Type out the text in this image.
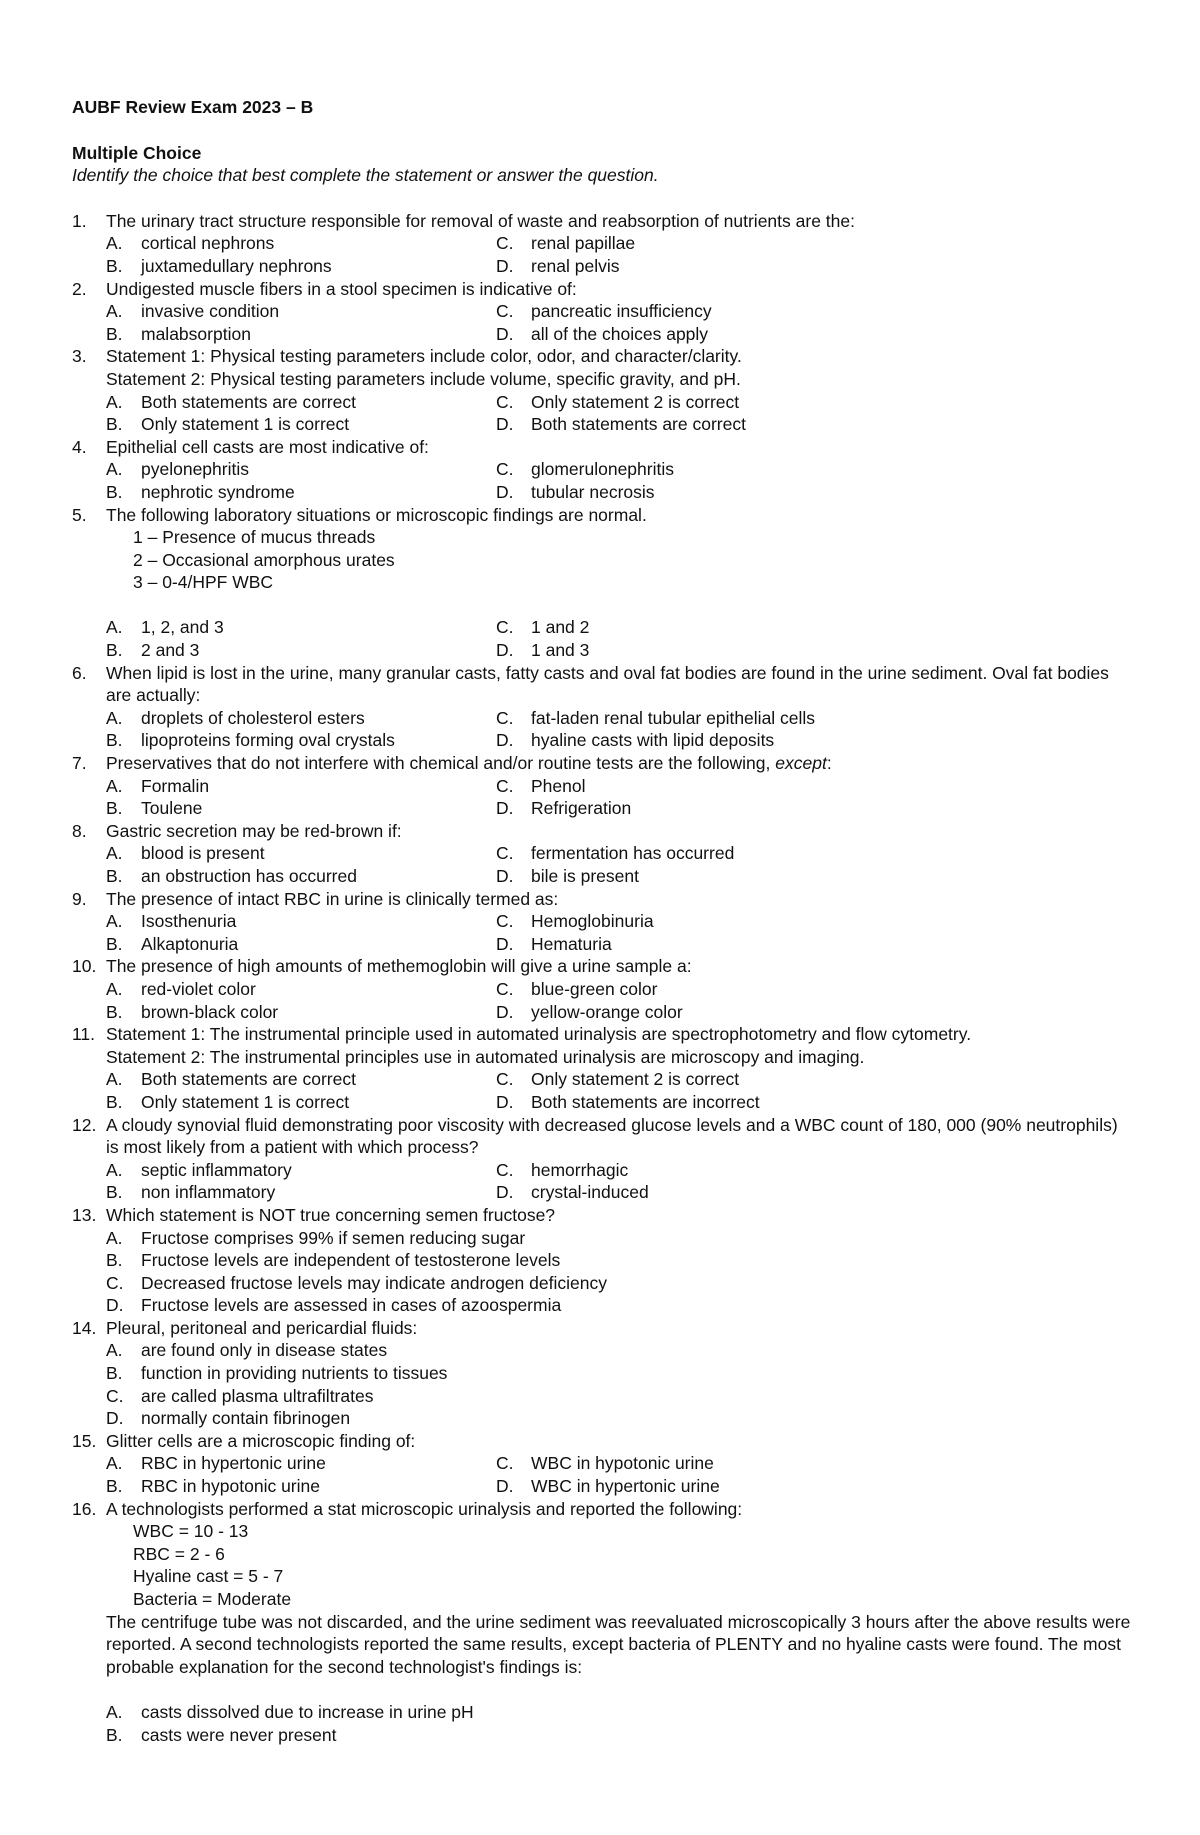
AUBF Review Exam 2023 – B
Multiple Choice
Identify the choice that best complete the statement or answer the question.
1. The urinary tract structure responsible for removal of waste and reabsorption of nutrients are the:
A.	cortical nephrons	C.	renal papillae
B.	juxtamedullary nephrons	D.	renal pelvis
2. Undigested muscle fibers in a stool specimen is indicative of:
A.	invasive condition	C.	pancreatic insufficiency
B.	malabsorption	D.	all of the choices apply
3. Statement 1: Physical testing parameters include color, odor, and character/clarity.
Statement 2: Physical testing parameters include volume, specific gravity, and pH.
A.	Both statements are correct	C.	Only statement 2 is correct
B.	Only statement 1 is correct	D.	Both statements are correct
4. Epithelial cell casts are most indicative of:
A.	pyelonephritis	C.	glomerulonephritis
B.	nephrotic syndrome	D.	tubular necrosis
5. The following laboratory situations or microscopic findings are normal.
1 – Presence of mucus threads
2 – Occasional amorphous urates
3 – 0-4/HPF WBC
A.	1, 2, and 3	C.	1 and 2
B.	2 and 3	D.	1 and 3
6. When lipid is lost in the urine, many granular casts, fatty casts and oval fat bodies are found in the urine sediment. Oval fat bodies are actually:
A.	droplets of cholesterol esters	C.	fat-laden renal tubular epithelial cells
B.	lipoproteins forming oval crystals	D.	hyaline casts with lipid deposits
7. Preservatives that do not interfere with chemical and/or routine tests are the following, except:
A.	Formalin	C.	Phenol
B.	Toulene	D.	Refrigeration
8. Gastric secretion may be red-brown if:
A.	blood is present	C.	fermentation has occurred
B.	an obstruction has occurred	D.	bile is present
9. The presence of intact RBC in urine is clinically termed as:
A.	Isosthenuria	C.	Hemoglobinuria
B.	Alkaptonuria	D.	Hematuria
10. The presence of high amounts of methemoglobin will give a urine sample a:
A.	red-violet color	C.	blue-green color
B.	brown-black color	D.	yellow-orange color
11. Statement 1: The instrumental principle used in automated urinalysis are spectrophotometry and flow cytometry.
Statement 2: The instrumental principles use in automated urinalysis are microscopy and imaging.
A.	Both statements are correct	C.	Only statement 2 is correct
B.	Only statement 1 is correct	D.	Both statements are incorrect
12. A cloudy synovial fluid demonstrating poor viscosity with decreased glucose levels and a WBC count of 180, 000 (90% neutrophils) is most likely from a patient with which process?
A.	septic inflammatory	C.	hemorrhagic
B.	non inflammatory	D.	crystal-induced
13. Which statement is NOT true concerning semen fructose?
A.	Fructose comprises 99% if semen reducing sugar
B.	Fructose levels are independent of testosterone levels
C.	Decreased fructose levels may indicate androgen deficiency
D.	Fructose levels are assessed in cases of azoospermia
14. Pleural, peritoneal and pericardial fluids:
A.	are found only in disease states
B.	function in providing nutrients to tissues
C.	are called plasma ultrafiltrates
D.	normally contain fibrinogen
15. Glitter cells are a microscopic finding of:
A.	RBC in hypertonic urine	C.	WBC in hypotonic urine
B.	RBC in hypotonic urine	D.	WBC in hypertonic urine
16. A technologists performed a stat microscopic urinalysis and reported the following:
WBC = 10 - 13
RBC = 2 - 6
Hyaline cast = 5 - 7
Bacteria = Moderate
The centrifuge tube was not discarded, and the urine sediment was reevaluated microscopically 3 hours after the above results were reported. A second technologists reported the same results, except bacteria of PLENTY and no hyaline casts were found. The most probable explanation for the second technologist's findings is:
A.	casts dissolved due to increase in urine pH
B.	casts were never present
